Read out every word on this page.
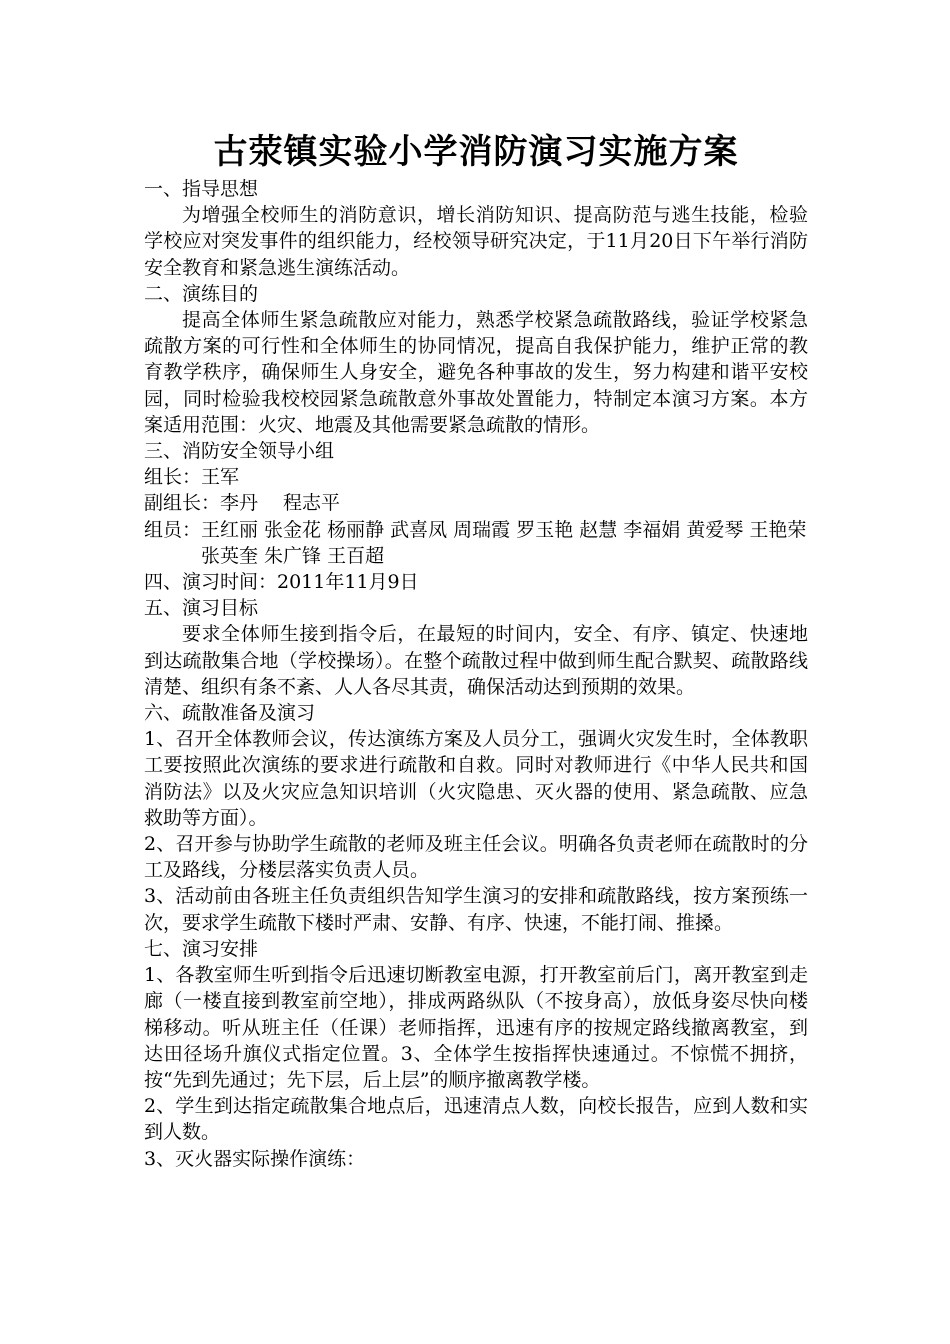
古荥镇实验小学消防演习实施方案

一、指导思想

为增强全校师生的消防意识，增长消防知识、提高防范与逃生技能，检验学校应对突发事件的组织能力，经校领导研究决定，于11月20日下午举行消防安全教育和紧急逃生演练活动。

二、演练目的

提高全体师生紧急疏散应对能力，熟悉学校紧急疏散路线，验证学校紧急疏散方案的可行性和全体师生的协同情况，提高自我保护能力，维护正常的教育教学秩序，确保师生人身安全，避免各种事故的发生，努力构建和谐平安校园，同时检验我校校园紧急疏散意外事故处置能力，特制定本演习方案。本方案适用范围：火灾、地震及其他需要紧急疏散的情形。

三、消防安全领导小组

组长：王军

副组长：李丹　 程志平

组员： 王红丽 张金花 杨丽静 武喜凤 周瑞霞 罗玉艳 赵慧 李福娟 黄爱琴 王艳荣 张英奎 朱广锋 王百超

四、演习时间：2011年11月9日

五、演习目标

要求全体师生接到指令后，在最短的时间内，安全、有序、镇定、快速地到达疏散集合地（学校操场）。在整个疏散过程中做到师生配合默契、疏散路线清楚、组织有条不紊、人人各尽其责，确保活动达到预期的效果。

六、疏散准备及演习

1、召开全体教师会议，传达演练方案及人员分工，强调火灾发生时，全体教职工要按照此次演练的要求进行疏散和自救。同时对教师进行《中华人民共和国消防法》以及火灾应急知识培训（火灾隐患、灭火器的使用、紧急疏散、应急救助等方面）。

2、召开参与协助学生疏散的老师及班主任会议。明确各负责老师在疏散时的分工及路线，分楼层落实负责人员。

3、活动前由各班主任负责组织告知学生演习的安排和疏散路线，按方案预练一次，要求学生疏散下楼时严肃、安静、有序、快速，不能打闹、推搡。

七、演习安排

1、各教室师生听到指令后迅速切断教室电源，打开教室前后门，离开教室到走廊（一楼直接到教室前空地），排成两路纵队（不按身高），放低身姿尽快向楼梯移动。听从班主任（任课）老师指挥，迅速有序的按规定路线撤离教室，到达田径场升旗仪式指定位置。3、全体学生按指挥快速通过。不惊慌不拥挤，按“先到先通过；先下层，后上层”的顺序撤离教学楼。

2、学生到达指定疏散集合地点后，迅速清点人数，向校长报告，应到人数和实到人数。

3、灭火器实际操作演练：
